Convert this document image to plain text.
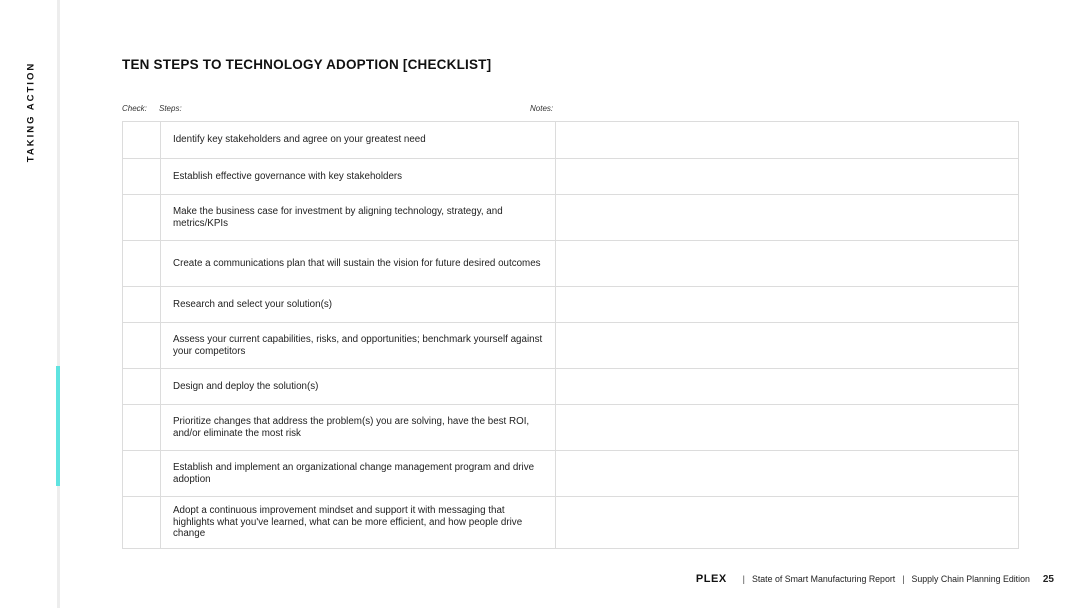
TAKING ACTION	TEN STEPS TO TECHNOLOGY ADOPTION [CHECKLIST]
Check: Steps:	Notes:
	Identify key stakeholders and agree on your greatest need	
	Establish effective governance with key stakeholders	
	Make the business case for investment by aligning technology, strategy, and metrics/KPIs	
	Create a communications plan that will sustain the vision for future desired outcomes	
	Research and select your solution(s)	
	Assess your current capabilities, risks, and opportunities; benchmark yourself against your competitors	
	Design and deploy the solution(s)	
	Prioritize changes that address the problem(s) you are solving, have the best ROI, and/or eliminate the most risk	
	Establish and implement an organizational change management program and drive adoption	
	Adopt a continuous improvement mindset and support it with messaging that highlights what you've learned, what can be more efficient, and how people drive change	
PLEX | State of Smart Manufacturing Report | Supply Chain Planning Edition 25
